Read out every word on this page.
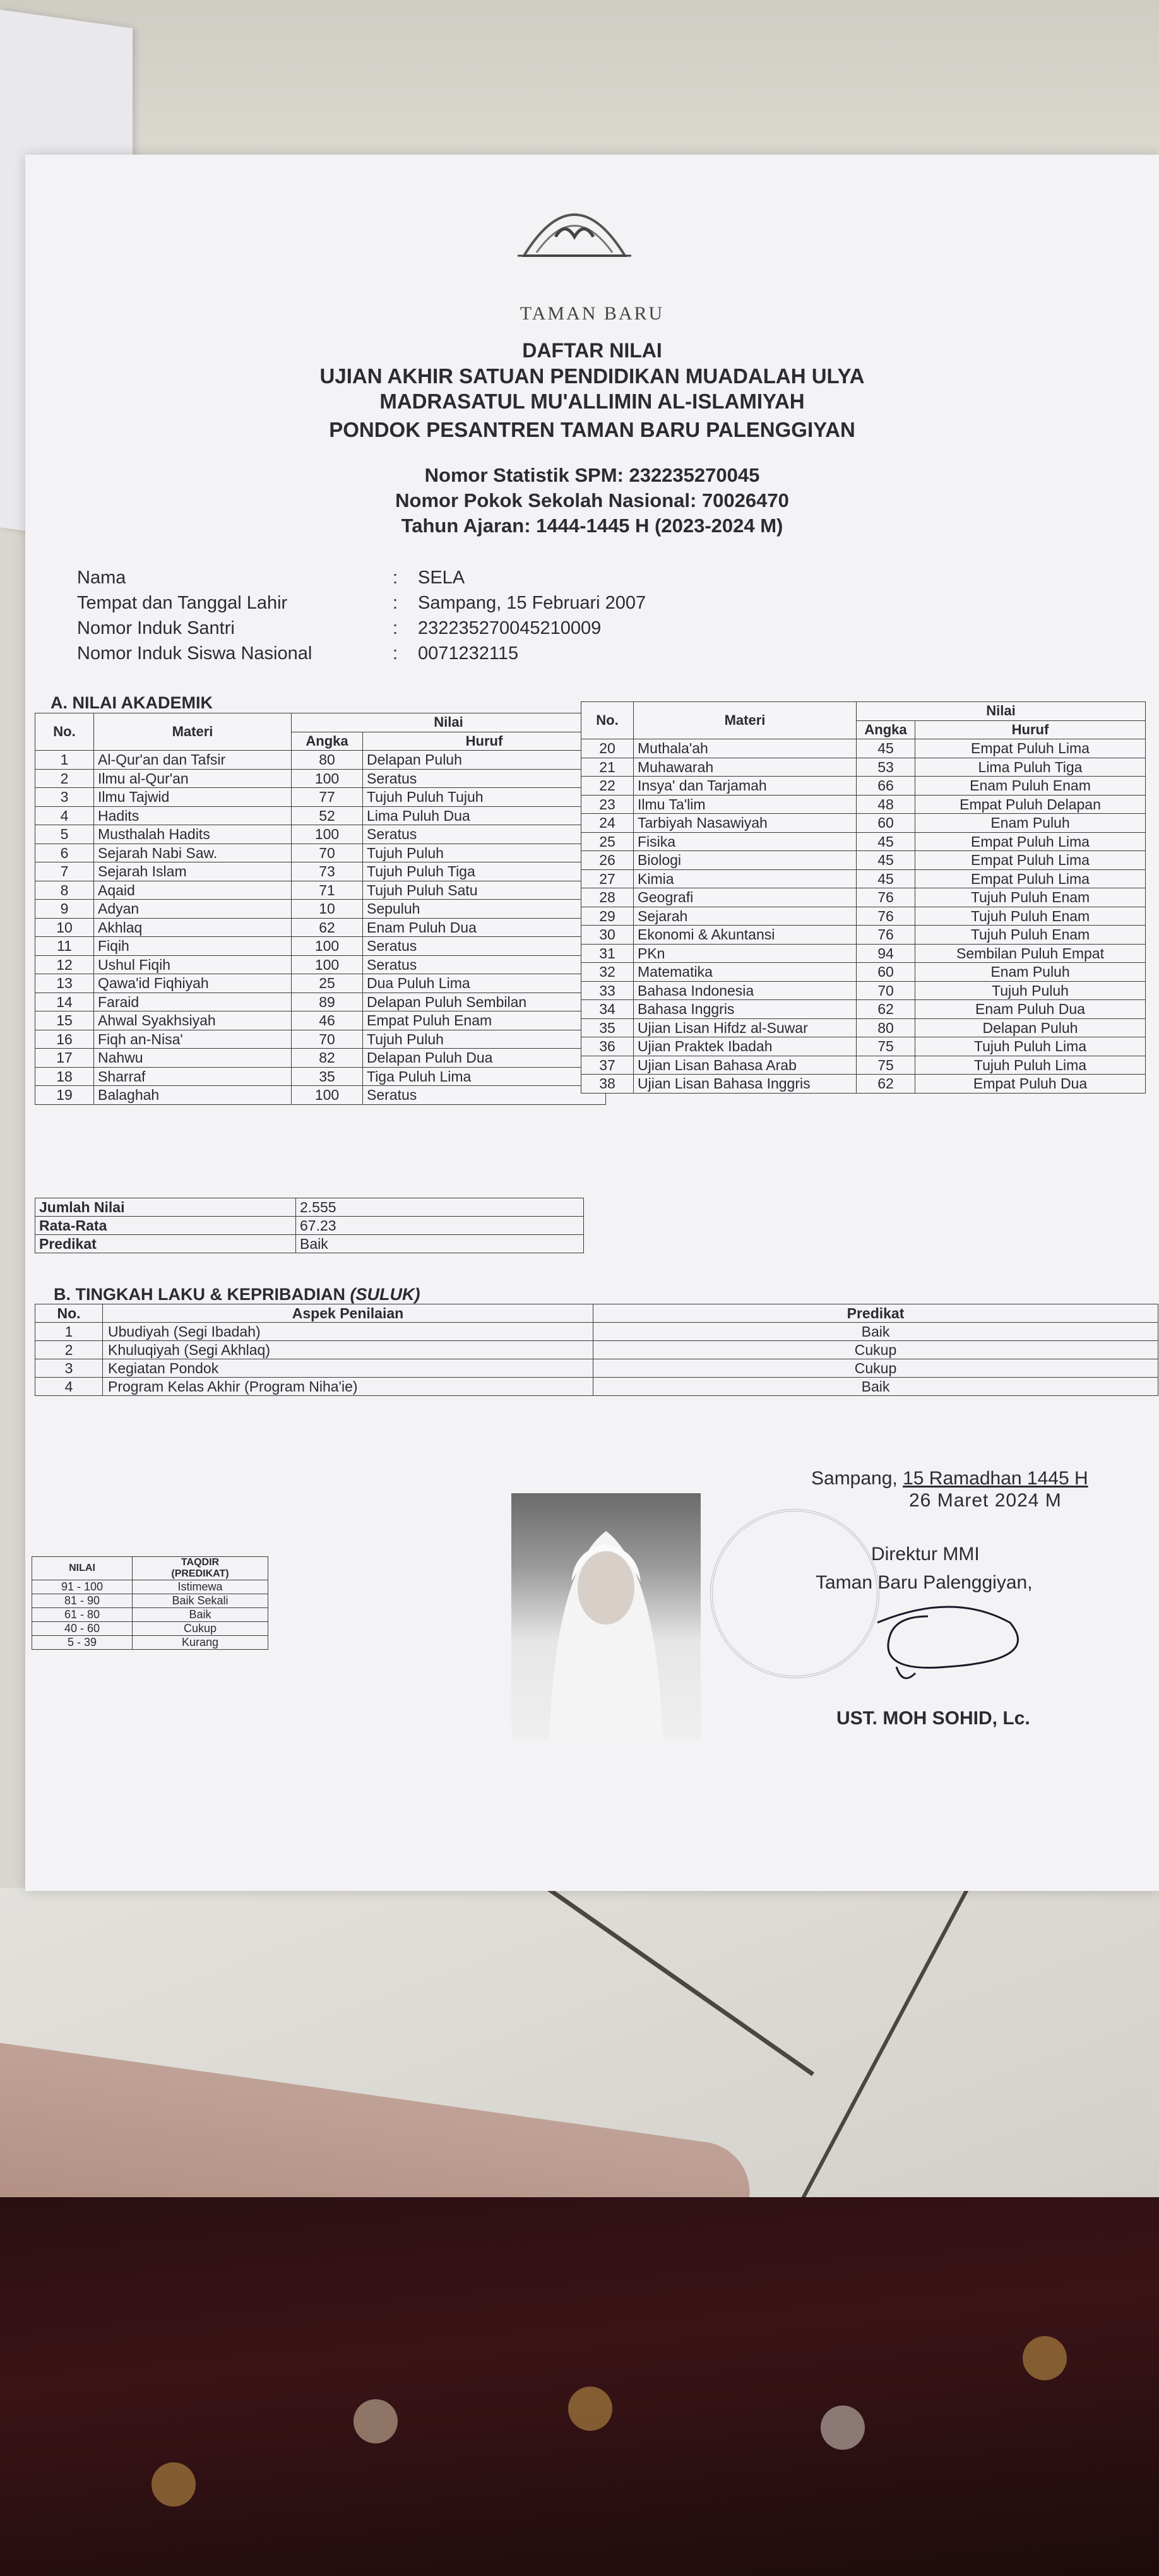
TAMAN BARU
DAFTAR NILAI
UJIAN AKHIR SATUAN PENDIDIKAN MUADALAH ULYA
MADRASATUL MU'ALLIMIN AL-ISLAMIYAH
PONDOK PESANTREN TAMAN BARU PALENGGIYAN
Nomor Statistik SPM: 232235270045
Nomor Pokok Sekolah Nasional: 70026470
Tahun Ajaran: 1444-1445 H (2023-2024 M)
Nama	:	SELA
Tempat dan Tanggal Lahir	:	Sampang, 15 Februari 2007
Nomor Induk Santri	:	232235270045210009
Nomor Induk Siswa Nasional	:	0071232115
A. NILAI AKADEMIK
No.	Materi	Nilai	
		Angka	Huruf
1	Al-Qur'an dan Tafsir	80	Delapan Puluh
2	Ilmu al-Qur'an	100	Seratus
3	Ilmu Tajwid	77	Tujuh Puluh Tujuh
4	Hadits	52	Lima Puluh Dua
5	Musthalah Hadits	100	Seratus
6	Sejarah Nabi Saw.	70	Tujuh Puluh
7	Sejarah Islam	73	Tujuh Puluh Tiga
8	Aqaid	71	Tujuh Puluh Satu
9	Adyan	10	Sepuluh
10	Akhlaq	62	Enam Puluh Dua
11	Fiqih	100	Seratus
12	Ushul Fiqih	100	Seratus
13	Qawa'id Fiqhiyah	25	Dua Puluh Lima
14	Faraid	89	Delapan Puluh Sembilan
15	Ahwal Syakhsiyah	46	Empat Puluh Enam
16	Fiqh an-Nisa'	70	Tujuh Puluh
17	Nahwu	82	Delapan Puluh Dua
18	Sharraf	35	Tiga Puluh Lima
19	Balaghah	100	Seratus
No.	Materi	Nilai	
		Angka	Huruf
20	Muthala'ah	45	Empat Puluh Lima
21	Muhawarah	53	Lima Puluh Tiga
22	Insya' dan Tarjamah	66	Enam Puluh Enam
23	Ilmu Ta'lim	48	Empat Puluh Delapan
24	Tarbiyah Nasawiyah	60	Enam Puluh
25	Fisika	45	Empat Puluh Lima
26	Biologi	45	Empat Puluh Lima
27	Kimia	45	Empat Puluh Lima
28	Geografi	76	Tujuh Puluh Enam
29	Sejarah	76	Tujuh Puluh Enam
30	Ekonomi & Akuntansi	76	Tujuh Puluh Enam
31	PKn	94	Sembilan Puluh Empat
32	Matematika	60	Enam Puluh
33	Bahasa Indonesia	70	Tujuh Puluh
34	Bahasa Inggris	62	Enam Puluh Dua
35	Ujian Lisan Hifdz al-Suwar	80	Delapan Puluh
36	Ujian Praktek Ibadah	75	Tujuh Puluh Lima
37	Ujian Lisan Bahasa Arab	75	Tujuh Puluh Lima
38	Ujian Lisan Bahasa Inggris	62	Empat Puluh Dua
Jumlah Nilai	2.555
Rata-Rata	67.23
Predikat	Baik
B. TINGKAH LAKU & KEPRIBADIAN (SULUK)
No.	Aspek Penilaian	Predikat
1	Ubudiyah (Segi Ibadah)	Baik
2	Khuluqiyah (Segi Akhlaq)	Cukup
3	Kegiatan Pondok	Cukup
4	Program Kelas Akhir (Program Niha'ie)	Baik
Sampang, 15 Ramadhan 1445 H
26 Maret 2024 M
Direktur MMI
Taman Baru Palenggiyan,
UST. MOH SOHID, Lc.
NILAI	TAQDIR
(PREDIKAT)

91 - 100	Istimewa
81 - 90	Baik Sekali
61 - 80	Baik
40 - 60	Cukup
5 - 39	Kurang
